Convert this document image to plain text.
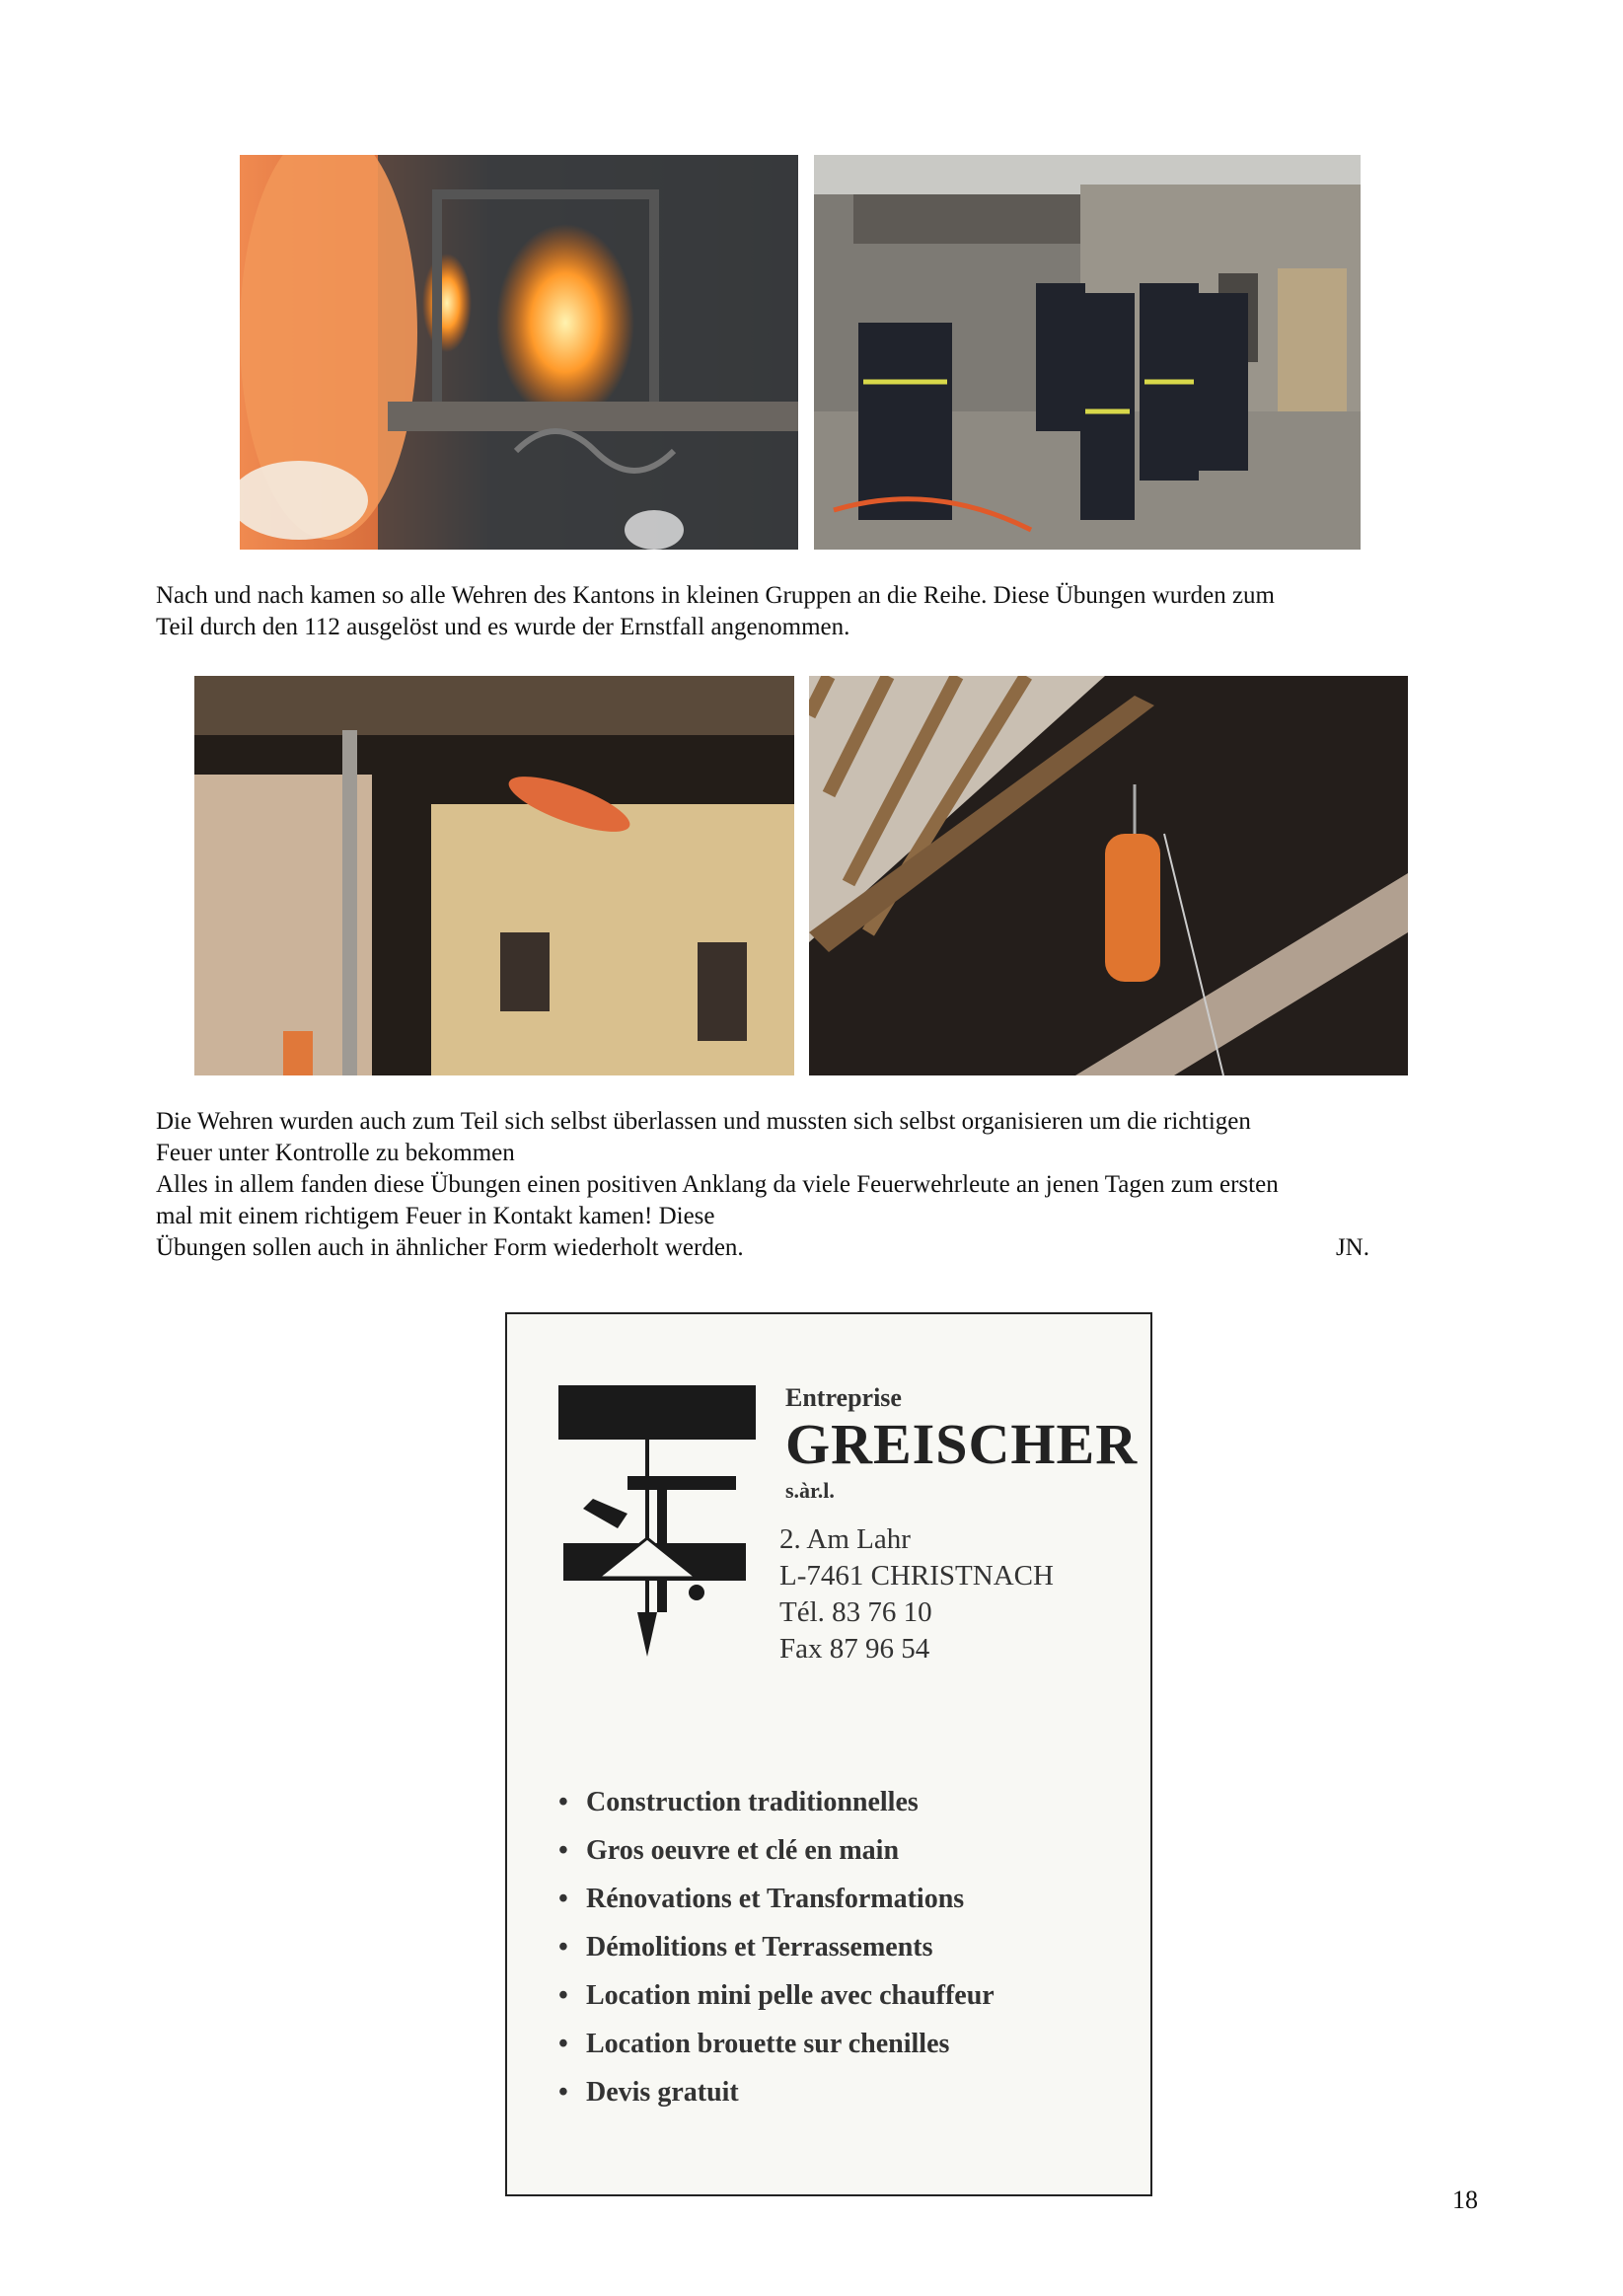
Nach und nach kamen so alle Wehren des Kantons in kleinen Gruppen an die Reihe. Diese Übungen wurden zum

Teil durch den 112 ausgelöst und es wurde der Ernstfall angenommen.

Die Wehren wurden auch zum Teil sich selbst überlassen und mussten sich selbst organisieren um die richtigen

Feuer unter Kontrolle zu bekommen

Alles in allem fanden diese Übungen einen positiven Anklang da viele Feuerwehrleute an jenen Tagen zum ersten

mal mit einem richtigem Feuer in Kontakt kamen! Diese

Übungen sollen auch in ähnlicher Form wiederholt werden.	JN.
Entreprise
GREISCHER
s.àr.l.
2. Am Lahr
L-7461 CHRISTNACH
Tél. 83 76 10
Fax 87 96 54
• Construction traditionnelles
• Gros oeuvre et clé en main
• Rénovations et Transformations
• Démolitions et Terrassements
• Location mini pelle avec chauffeur
• Location brouette sur chenilles
• Devis gratuit
18
